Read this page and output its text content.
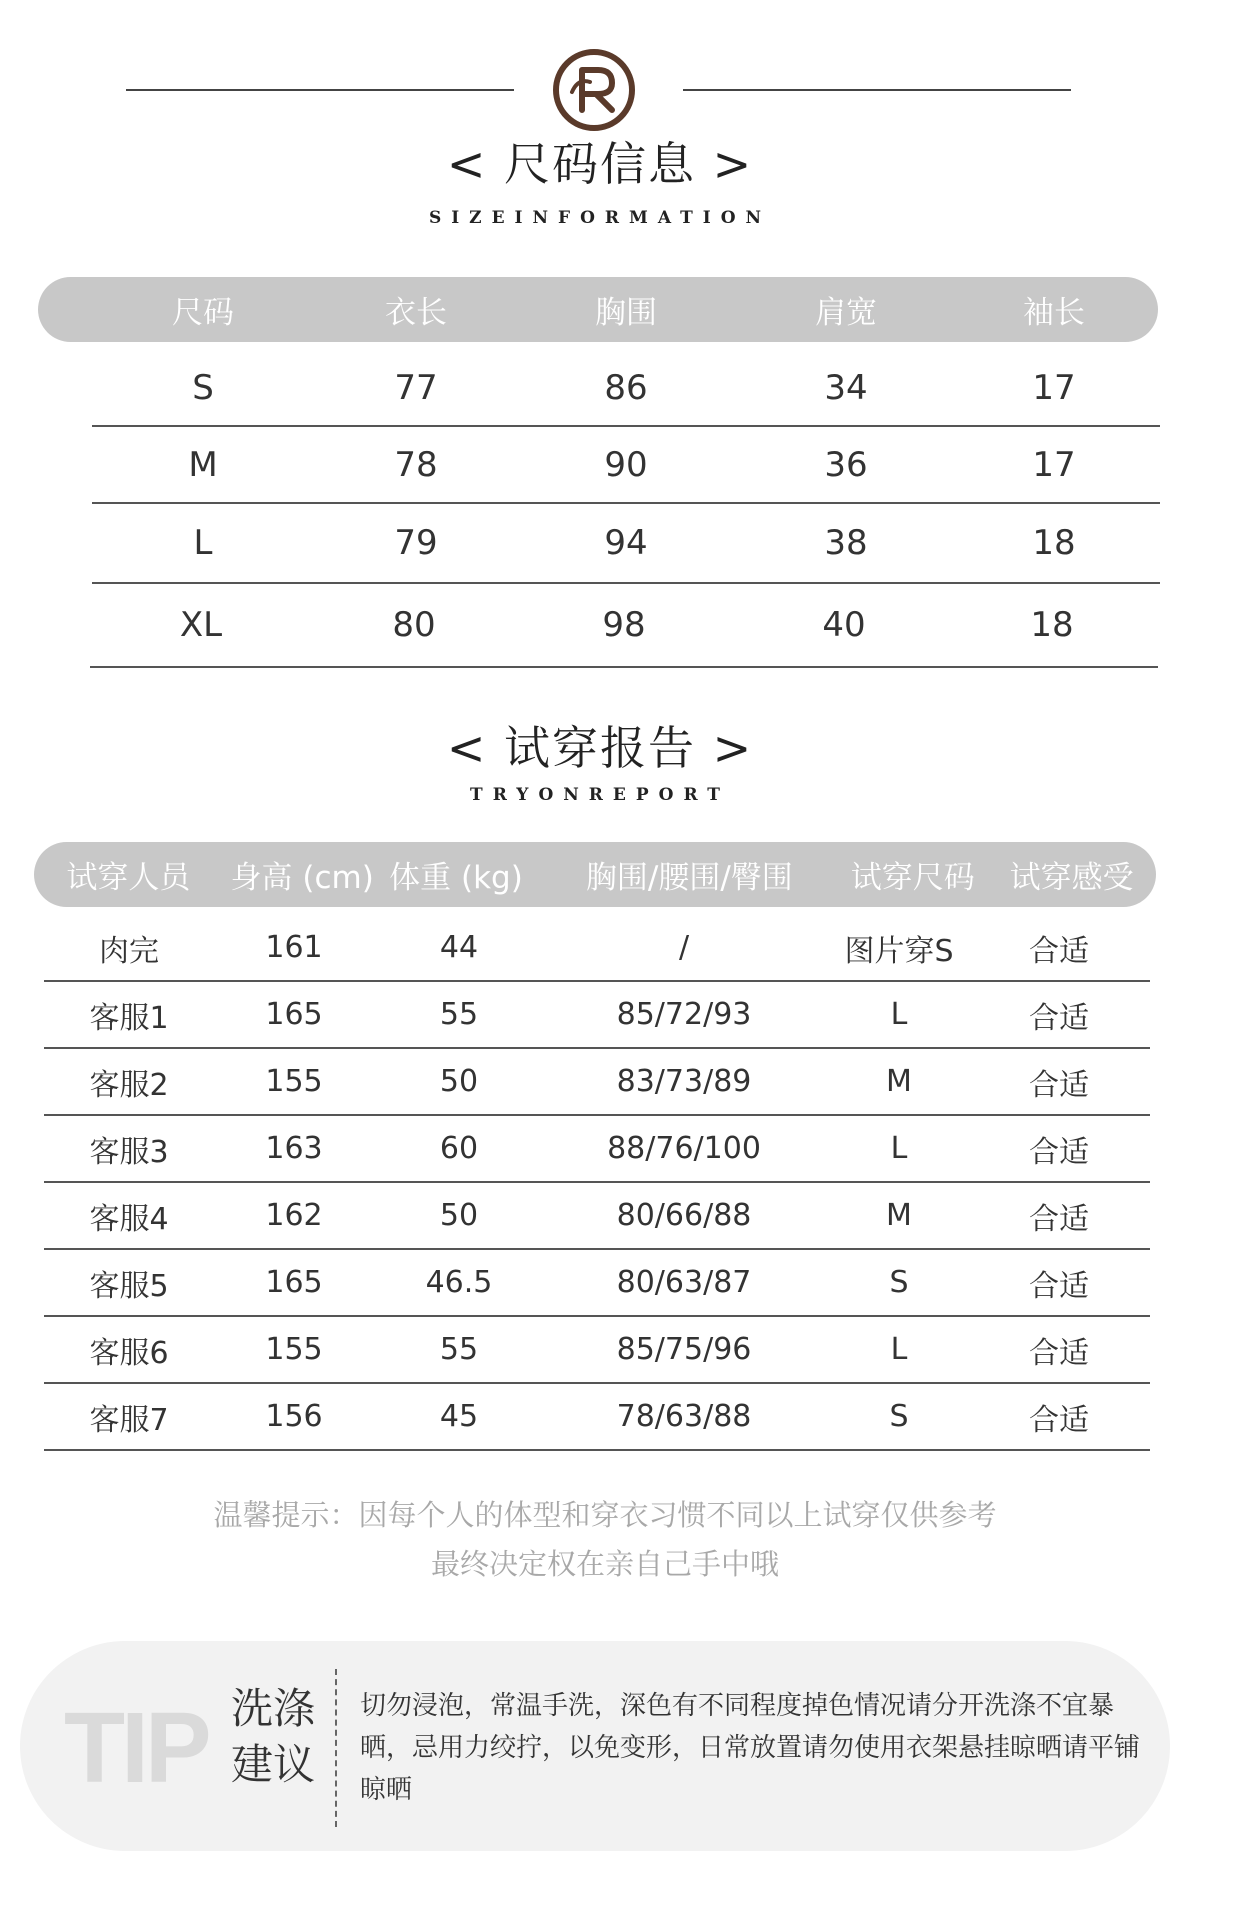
< 尺码信息 >
SIZEINFORMATION
尺码	衣长	胸围	肩宽	袖长
S	77	86	34	17
M	78	90	36	17
L	79	94	38	18
XL	80	98	40	18
< 试穿报告 >
TRYONREPORT
试穿人员	身高 (cm) 体重 (kg)	胸围/腰围/臀围	试穿尺码	试穿感受
肉完	161	44	/	图片穿S	合适
客服1	165	55	85/72/93	L	合适
客服2	155	50	83/73/89	M	合适
客服3	163	60	88/76/100	L	合适
客服4	162	50	80/66/88	M	合适
客服5	165	46.5	80/63/87	S	合适
客服6	155	55	85/75/96	L	合适
客服7	156	45	78/63/88	S	合适
温馨提示：因每个人的体型和穿衣习惯不同以上试穿仅供参考
最终决定权在亲自己手中哦
TIP 洗涤建议
切勿浸泡，常温手洗，深色有不同程度掉色情况请分开洗涤不宜暴晒，忌用力绞拧，以免变形，日常放置请勿使用衣架悬挂晾晒请平铺晾晒
